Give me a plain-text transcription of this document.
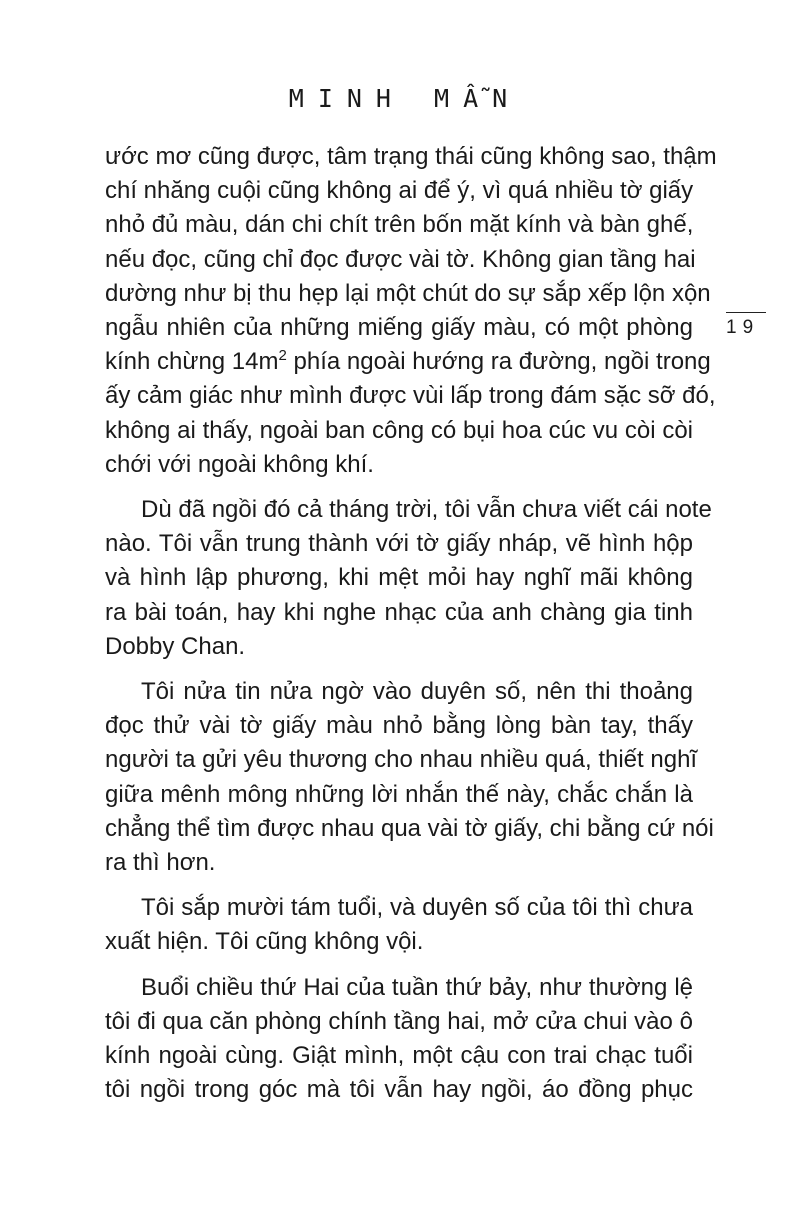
MINH MẪN
19
ước mơ cũng được, tâm trạng thái cũng không sao, thậm
chí nhăng cuội cũng không ai để ý, vì quá nhiều tờ giấy
nhỏ đủ màu, dán chi chít trên bốn mặt kính và bàn ghế,
nếu đọc, cũng chỉ đọc được vài tờ. Không gian tầng hai
dường như bị thu hẹp lại một chút do sự sắp xếp lộn xộn
ngẫu nhiên của những miếng giấy màu, có một phòng
kính chừng $14m^2$ phía ngoài hướng ra đường, ngồi trong
ấy cảm giác như mình được vùi lấp trong đám sặc sỡ đó,
không ai thấy, ngoài ban công có bụi hoa cúc vu còi còi
chới với ngoài không khí.
Dù đã ngồi đó cả tháng trời, tôi vẫn chưa viết cái note
nào. Tôi vẫn trung thành với tờ giấy nháp, vẽ hình hộp
và hình lập phương, khi mệt mỏi hay nghĩ mãi không
ra bài toán, hay khi nghe nhạc của anh chàng gia tinh
Dobby Chan.
Tôi nửa tin nửa ngờ vào duyên số, nên thi thoảng
đọc thử vài tờ giấy màu nhỏ bằng lòng bàn tay, thấy
người ta gửi yêu thương cho nhau nhiều quá, thiết nghĩ
giữa mênh mông những lời nhắn thế này, chắc chắn là
chẳng thể tìm được nhau qua vài tờ giấy, chi bằng cứ nói
ra thì hơn.
Tôi sắp mười tám tuổi, và duyên số của tôi thì chưa
xuất hiện. Tôi cũng không vội.
Buổi chiều thứ Hai của tuần thứ bảy, như thường lệ
tôi đi qua căn phòng chính tầng hai, mở cửa chui vào ô
kính ngoài cùng. Giật mình, một cậu con trai chạc tuổi
tôi ngồi trong góc mà tôi vẫn hay ngồi, áo đồng phục
